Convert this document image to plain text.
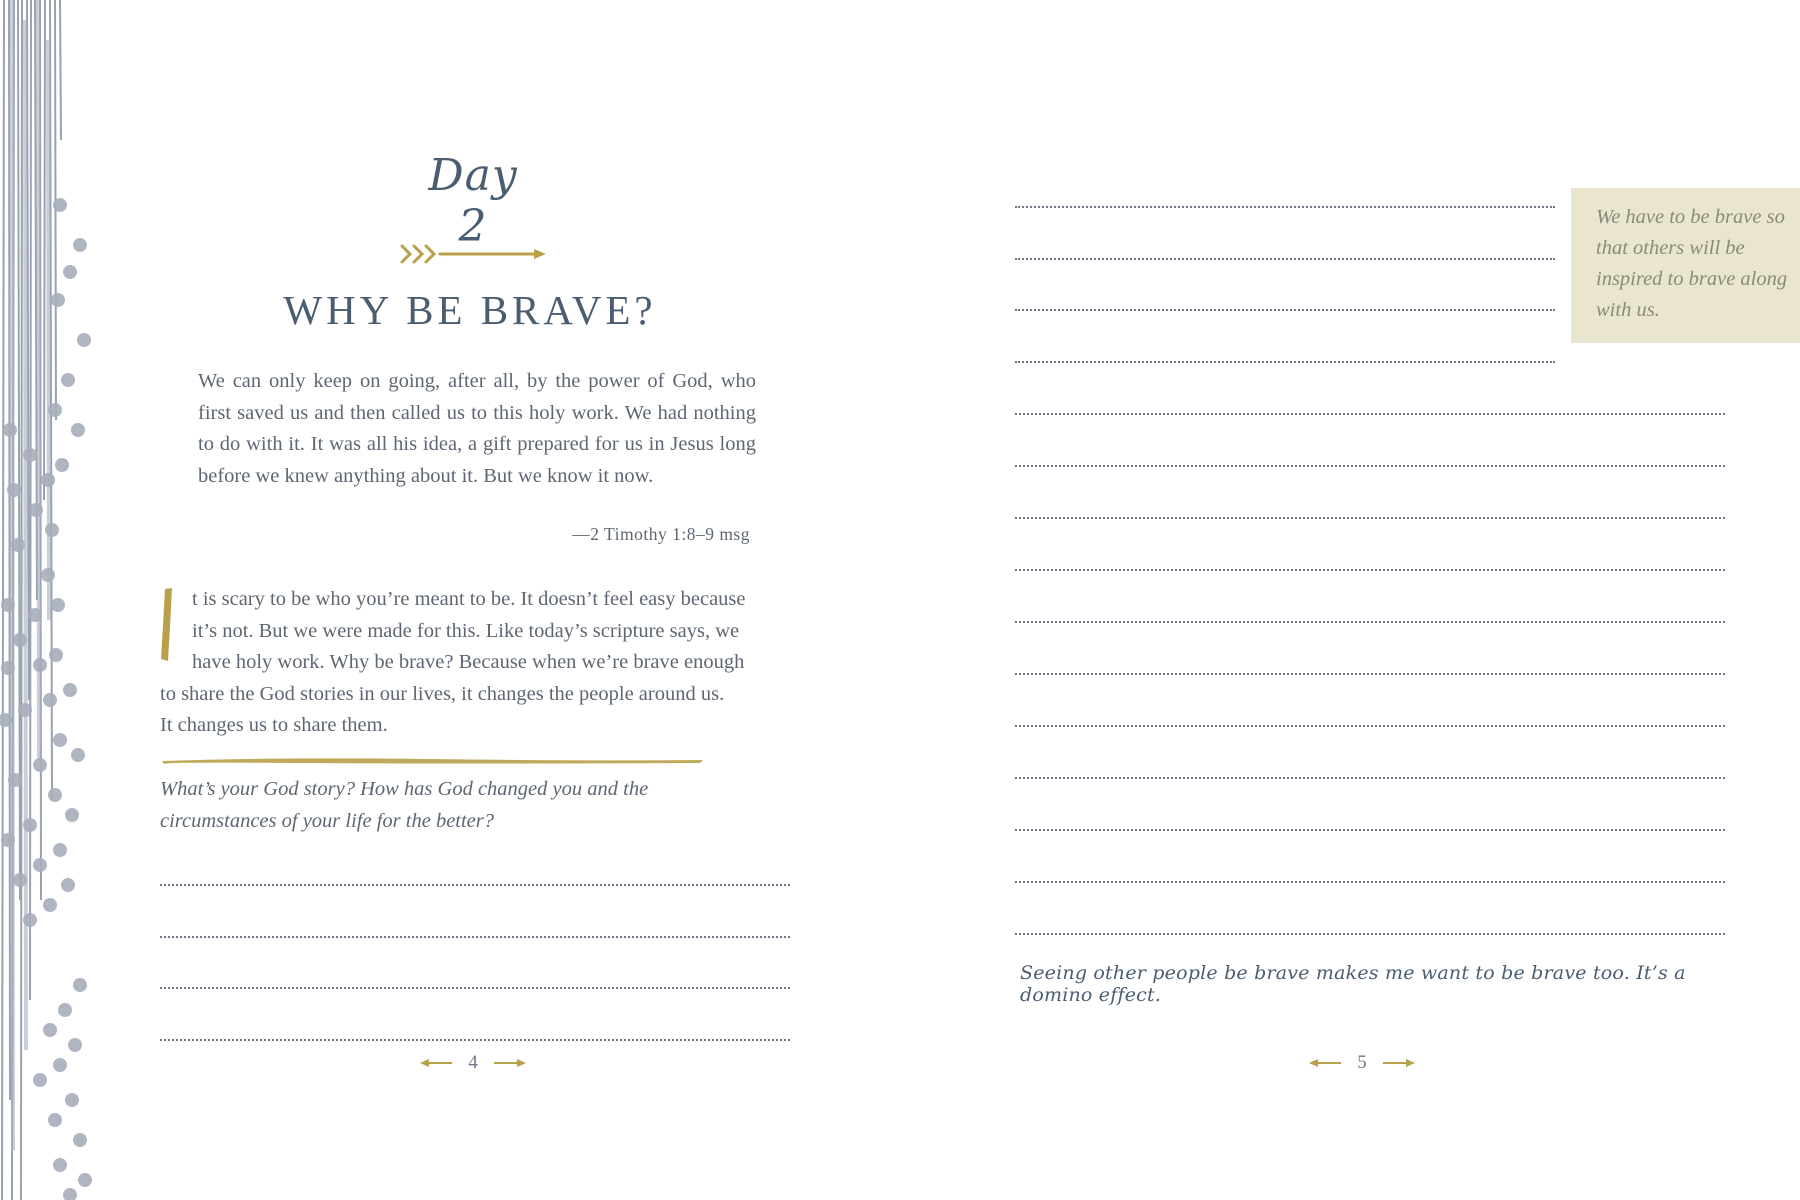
Day 2
WHY BE BRAVE?

We can only keep on going, after all, by the power of God, who first saved us and then called us to this holy work. We had nothing to do with it. It was all his idea, a gift prepared for us in Jesus long before we knew anything about it. But we know it now.

—2 Timothy 1:8–9 msg

t is scary to be who you’re meant to be. It doesn’t feel easy because
it’s not. But we were made for this. Like today’s scripture says, we
have holy work. Why be brave? Because when we’re brave enough
to share the God stories in our lives, it changes the people around us.
It changes us to share them.

What’s your God story? How has God changed you and the circumstances of your life for the better?

4

We have to be brave so that others will be inspired to brave along with us.

Seeing other people be brave makes me want to be brave too. It’s a domino effect.
5
